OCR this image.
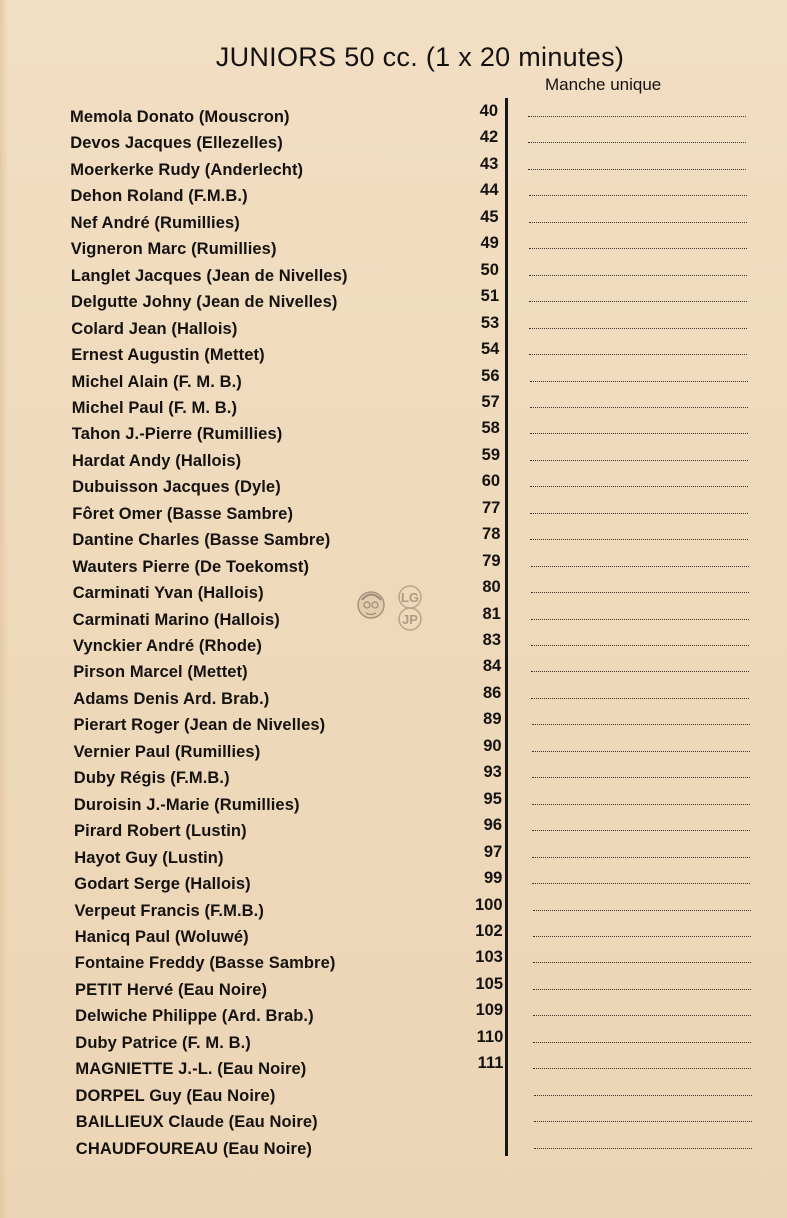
JUNIORS 50 cc. (1 x 20 minutes)
Manche unique
Memola Donato (Mouscron)	40
Devos Jacques (Ellezelles)	42
Moerkerke Rudy (Anderlecht)	43
Dehon Roland (F.M.B.)	44
Nef André (Rumillies)	45
Vigneron Marc (Rumillies)	49
Langlet Jacques (Jean de Nivelles)	50
Delgutte Johny (Jean de Nivelles)	51
Colard Jean (Hallois)	53
Ernest Augustin (Mettet)	54
Michel Alain (F. M. B.)	56
Michel Paul (F. M. B.)	57
Tahon J.-Pierre (Rumillies)	58
Hardat Andy (Hallois)	59
Dubuisson Jacques (Dyle)	60
Fôret Omer (Basse Sambre)	77
Dantine Charles (Basse Sambre)	78
Wauters Pierre (De Toekomst)	79
Carminati Yvan (Hallois)	80
Carminati Marino (Hallois)	81
Vynckier André (Rhode)	83
Pirson Marcel (Mettet)	84
Adams Denis Ard. Brab.)	86
Pierart Roger (Jean de Nivelles)	89
Vernier Paul (Rumillies)	90
Duby Régis (F.M.B.)	93
Duroisin J.-Marie (Rumillies)	95
Pirard Robert (Lustin)	96
Hayot Guy (Lustin)	97
Godart Serge (Hallois)	99
Verpeut Francis (F.M.B.)	100
Hanicq Paul (Woluwé)	102
Fontaine Freddy (Basse Sambre)	103
PETIT Hervé (Eau Noire)	105
Delwiche Philippe (Ard. Brab.)	109
Duby Patrice (F. M. B.)	110
MAGNIETTE J.-L. (Eau Noire)	111
DORPEL Guy (Eau Noire)
BAILLIEUX Claude (Eau Noire)
CHAUDFOUREAU (Eau Noire)
LG
JP
